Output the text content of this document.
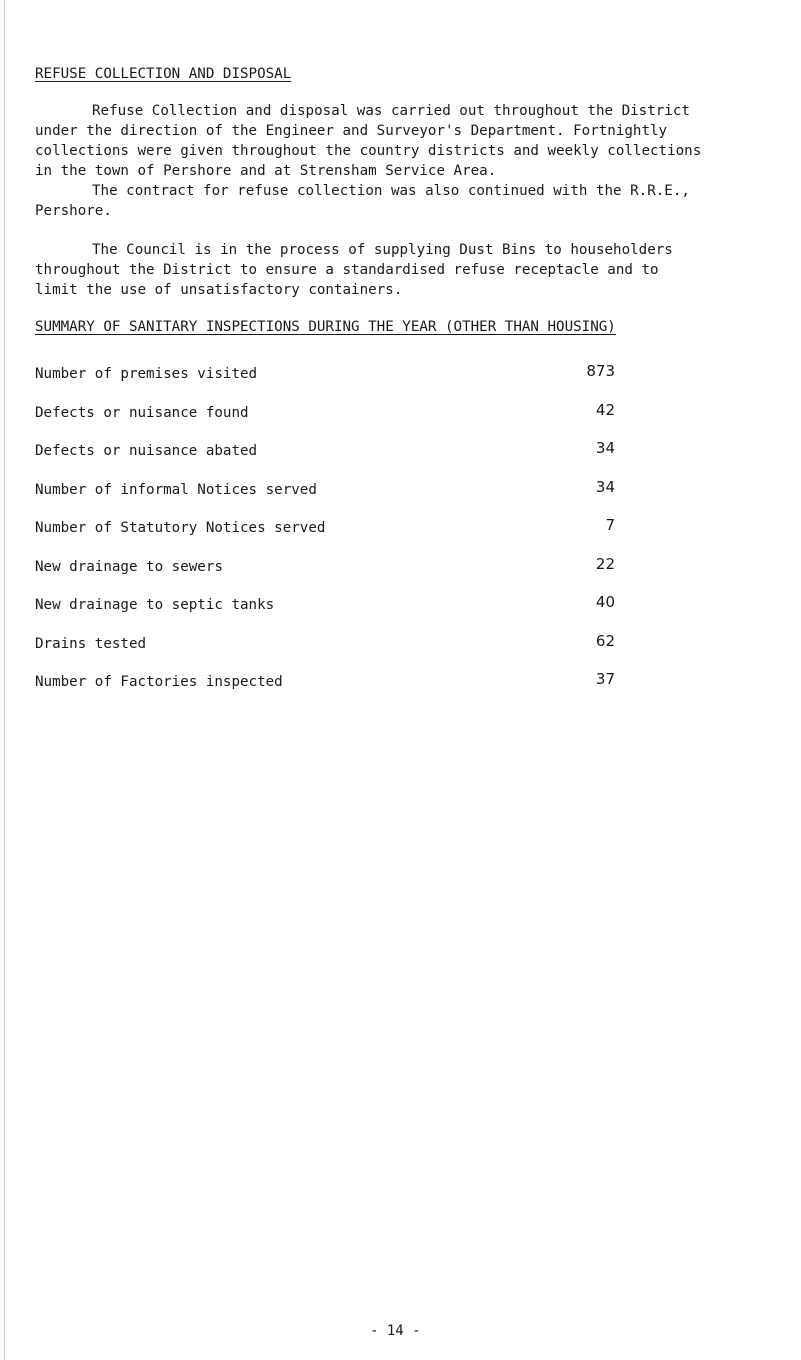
REFUSE COLLECTION AND DISPOSAL
Refuse Collection and disposal was carried out throughout the District
under the direction of the Engineer and Surveyor's Department. Fortnightly
collections were given throughout the country districts and weekly collections
in the town of Pershore and at Strensham Service Area.
The contract for refuse collection was also continued with the R.R.E.,
Pershore.
The Council is in the process of supplying Dust Bins to householders
throughout the District to ensure a standardised refuse receptacle and to
limit the use of unsatisfactory containers.
SUMMARY OF SANITARY INSPECTIONS DURING THE YEAR (OTHER THAN HOUSING)
Number of premises visited	873
Defects or nuisance found	42
Defects or nuisance abated	34
Number of informal Notices served	34
Number of Statutory Notices served	7
New drainage to sewers	22
New drainage to septic tanks	40
Drains tested	62
Number of Factories inspected	37
- 14 -
